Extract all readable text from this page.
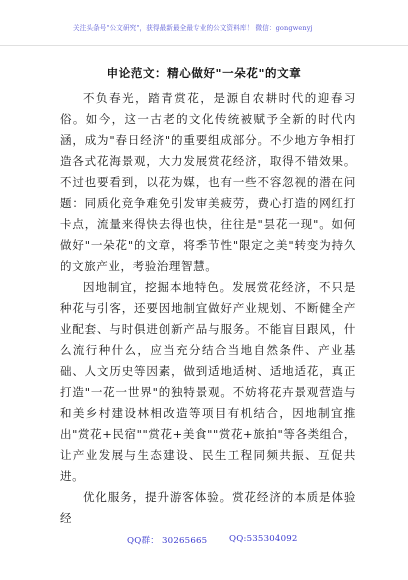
关注头条号"公文研究"，获得最新最全最专业的公文资料库！ 微信：gongwenyj
申论范文：精心做好"一朵花"的文章

不负春光，踏青赏花，是源自农耕时代的迎春习俗。如今，这一古老的文化传统被赋予全新的时代内涵，成为"春日经济"的重要组成部分。不少地方争相打造各式花海景观，大力发展赏花经济，取得不错效果。不过也要看到，以花为媒，也有一些不容忽视的潜在问题：同质化竞争难免引发审美疲劳，费心打造的网红打卡点，流量来得快去得也快，往往是"昙花一现"。如何做好"一朵花"的文章，将季节性"限定之美"转变为持久的文旅产业，考验治理智慧。

因地制宜，挖掘本地特色。发展赏花经济，不只是种花与引客，还要因地制宜做好产业规划、不断健全产业配套、与时俱进创新产品与服务。不能盲目跟风，什么流行种什么，应当充分结合当地自然条件、产业基础、人文历史等因素，做到适地适树、适地适花，真正打造"一花一世界"的独特景观。不妨将花卉景观营造与和美乡村建设林相改造等项目有机结合，因地制宜推出"赏花+民宿""赏花+美食""赏花+旅拍"等各类组合，让产业发展与生态建设、民生工程同频共振、互促共进。

优化服务，提升游客体验。赏花经济的本质是体验经

QQ群： 30265665	QQ:535304092
